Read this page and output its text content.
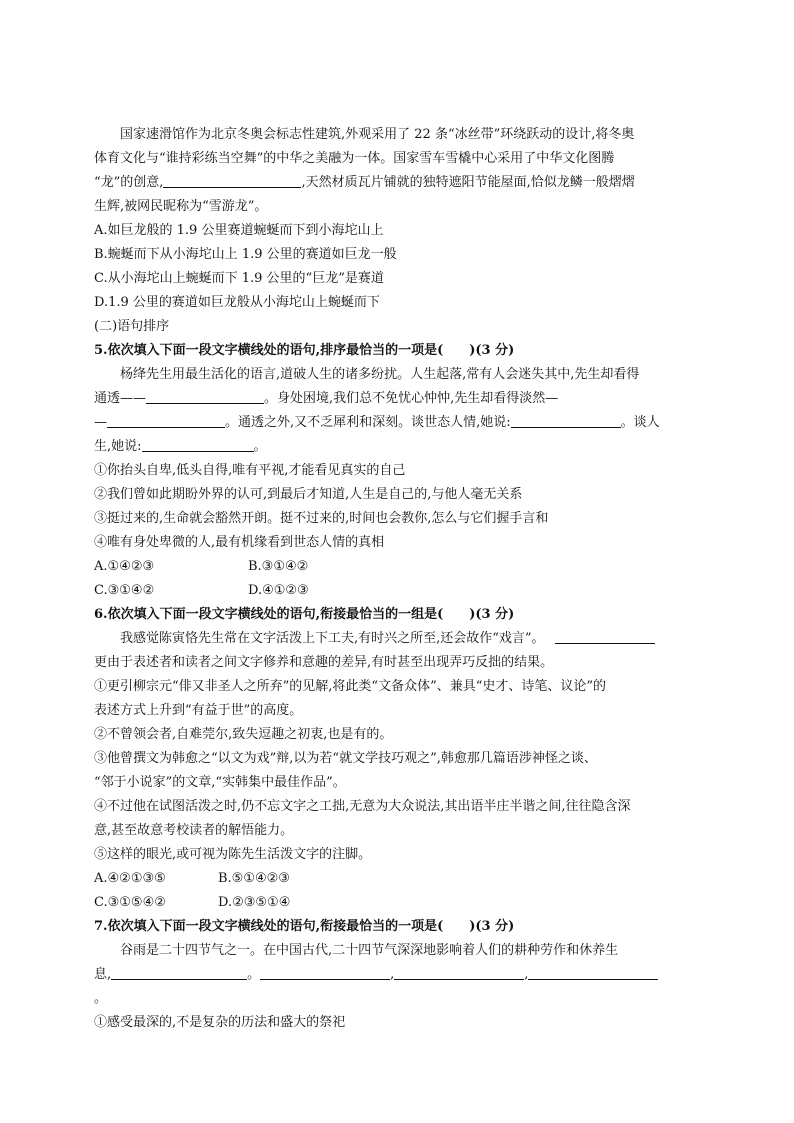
国家速滑馆作为北京冬奥会标志性建筑,外观采用了 22 条“冰丝带”环绕跃动的设计,将冬奥
体育文化与“谁持彩练当空舞”的中华之美融为一体。国家雪车雪橇中心采用了中华文化图腾
“龙”的创意,	,天然材质瓦片铺就的独特遮阳节能屋面,恰似龙鳞一般熠熠
生辉,被网民昵称为“雪游龙”。
A.如巨龙般的 1.9 公里赛道蜿蜒而下到小海坨山上
B.蜿蜒而下从小海坨山上 1.9 公里的赛道如巨龙一般
C.从小海坨山上蜿蜒而下 1.9 公里的“巨龙”是赛道
D.1.9 公里的赛道如巨龙般从小海坨山上蜿蜒而下
(二)语句排序
5.依次填入下面一段文字横线处的语句,排序最恰当的一项是(　　)(3 分)
杨绛先生用最生活化的语言,道破人生的诸多纷扰。人生起落,常有人会迷失其中,先生却看得
通透——	。身处困境,我们总不免忧心忡忡,先生却看得淡然—
—	。通透之外,又不乏犀利和深刻。谈世态人情,她说:	。谈人
生,她说:	。
①你抬头自卑,低头自得,唯有平视,才能看见真实的自己
②我们曾如此期盼外界的认可,到最后才知道,人生是自己的,与他人毫无关系
③挺过来的,生命就会豁然开朗。挺不过来的,时间也会教你,怎么与它们握手言和
④唯有身处卑微的人,最有机缘看到世态人情的真相
A.①④②③	B.③①④②
C.③①④②	D.④①②③
6.依次填入下面一段文字横线处的语句,衔接最恰当的一组是(　　)(3 分)
我感觉陈寅恪先生常在文字活泼上下工夫,有时兴之所至,还会故作“戏言”。
更由于表述者和读者之间文字修养和意趣的差异,有时甚至出现弄巧反拙的结果。
①更引柳宗元“俳又非圣人之所弃”的见解,将此类“文备众体”、兼具“史才、诗笔、议论”的
表述方式上升到“有益于世”的高度。
②不曾领会者,自难莞尔,致失逗趣之初衷,也是有的。
③他曾撰文为韩愈之“以文为戏”辩,以为若“就文学技巧观之”,韩愈那几篇语涉神怪之谈、
“邻于小说家”的文章,“实韩集中最佳作品”。
④不过他在试图活泼之时,仍不忘文字之工拙,无意为大众说法,其出语半庄半谐之间,往往隐含深
意,甚至故意考校读者的解悟能力。
⑤这样的眼光,或可视为陈先生活泼文字的注脚。
A.④②①③⑤	B.⑤①④②③
C.③①⑤④②	D.②③⑤①④
7.依次填入下面一段文字横线处的语句,衔接最恰当的一项是(　　)(3 分)
谷雨是二十四节气之一。在中国古代,二十四节气深深地影响着人们的耕种劳作和休养生
息,	。	,	,
。
①感受最深的,不是复杂的历法和盛大的祭祀
